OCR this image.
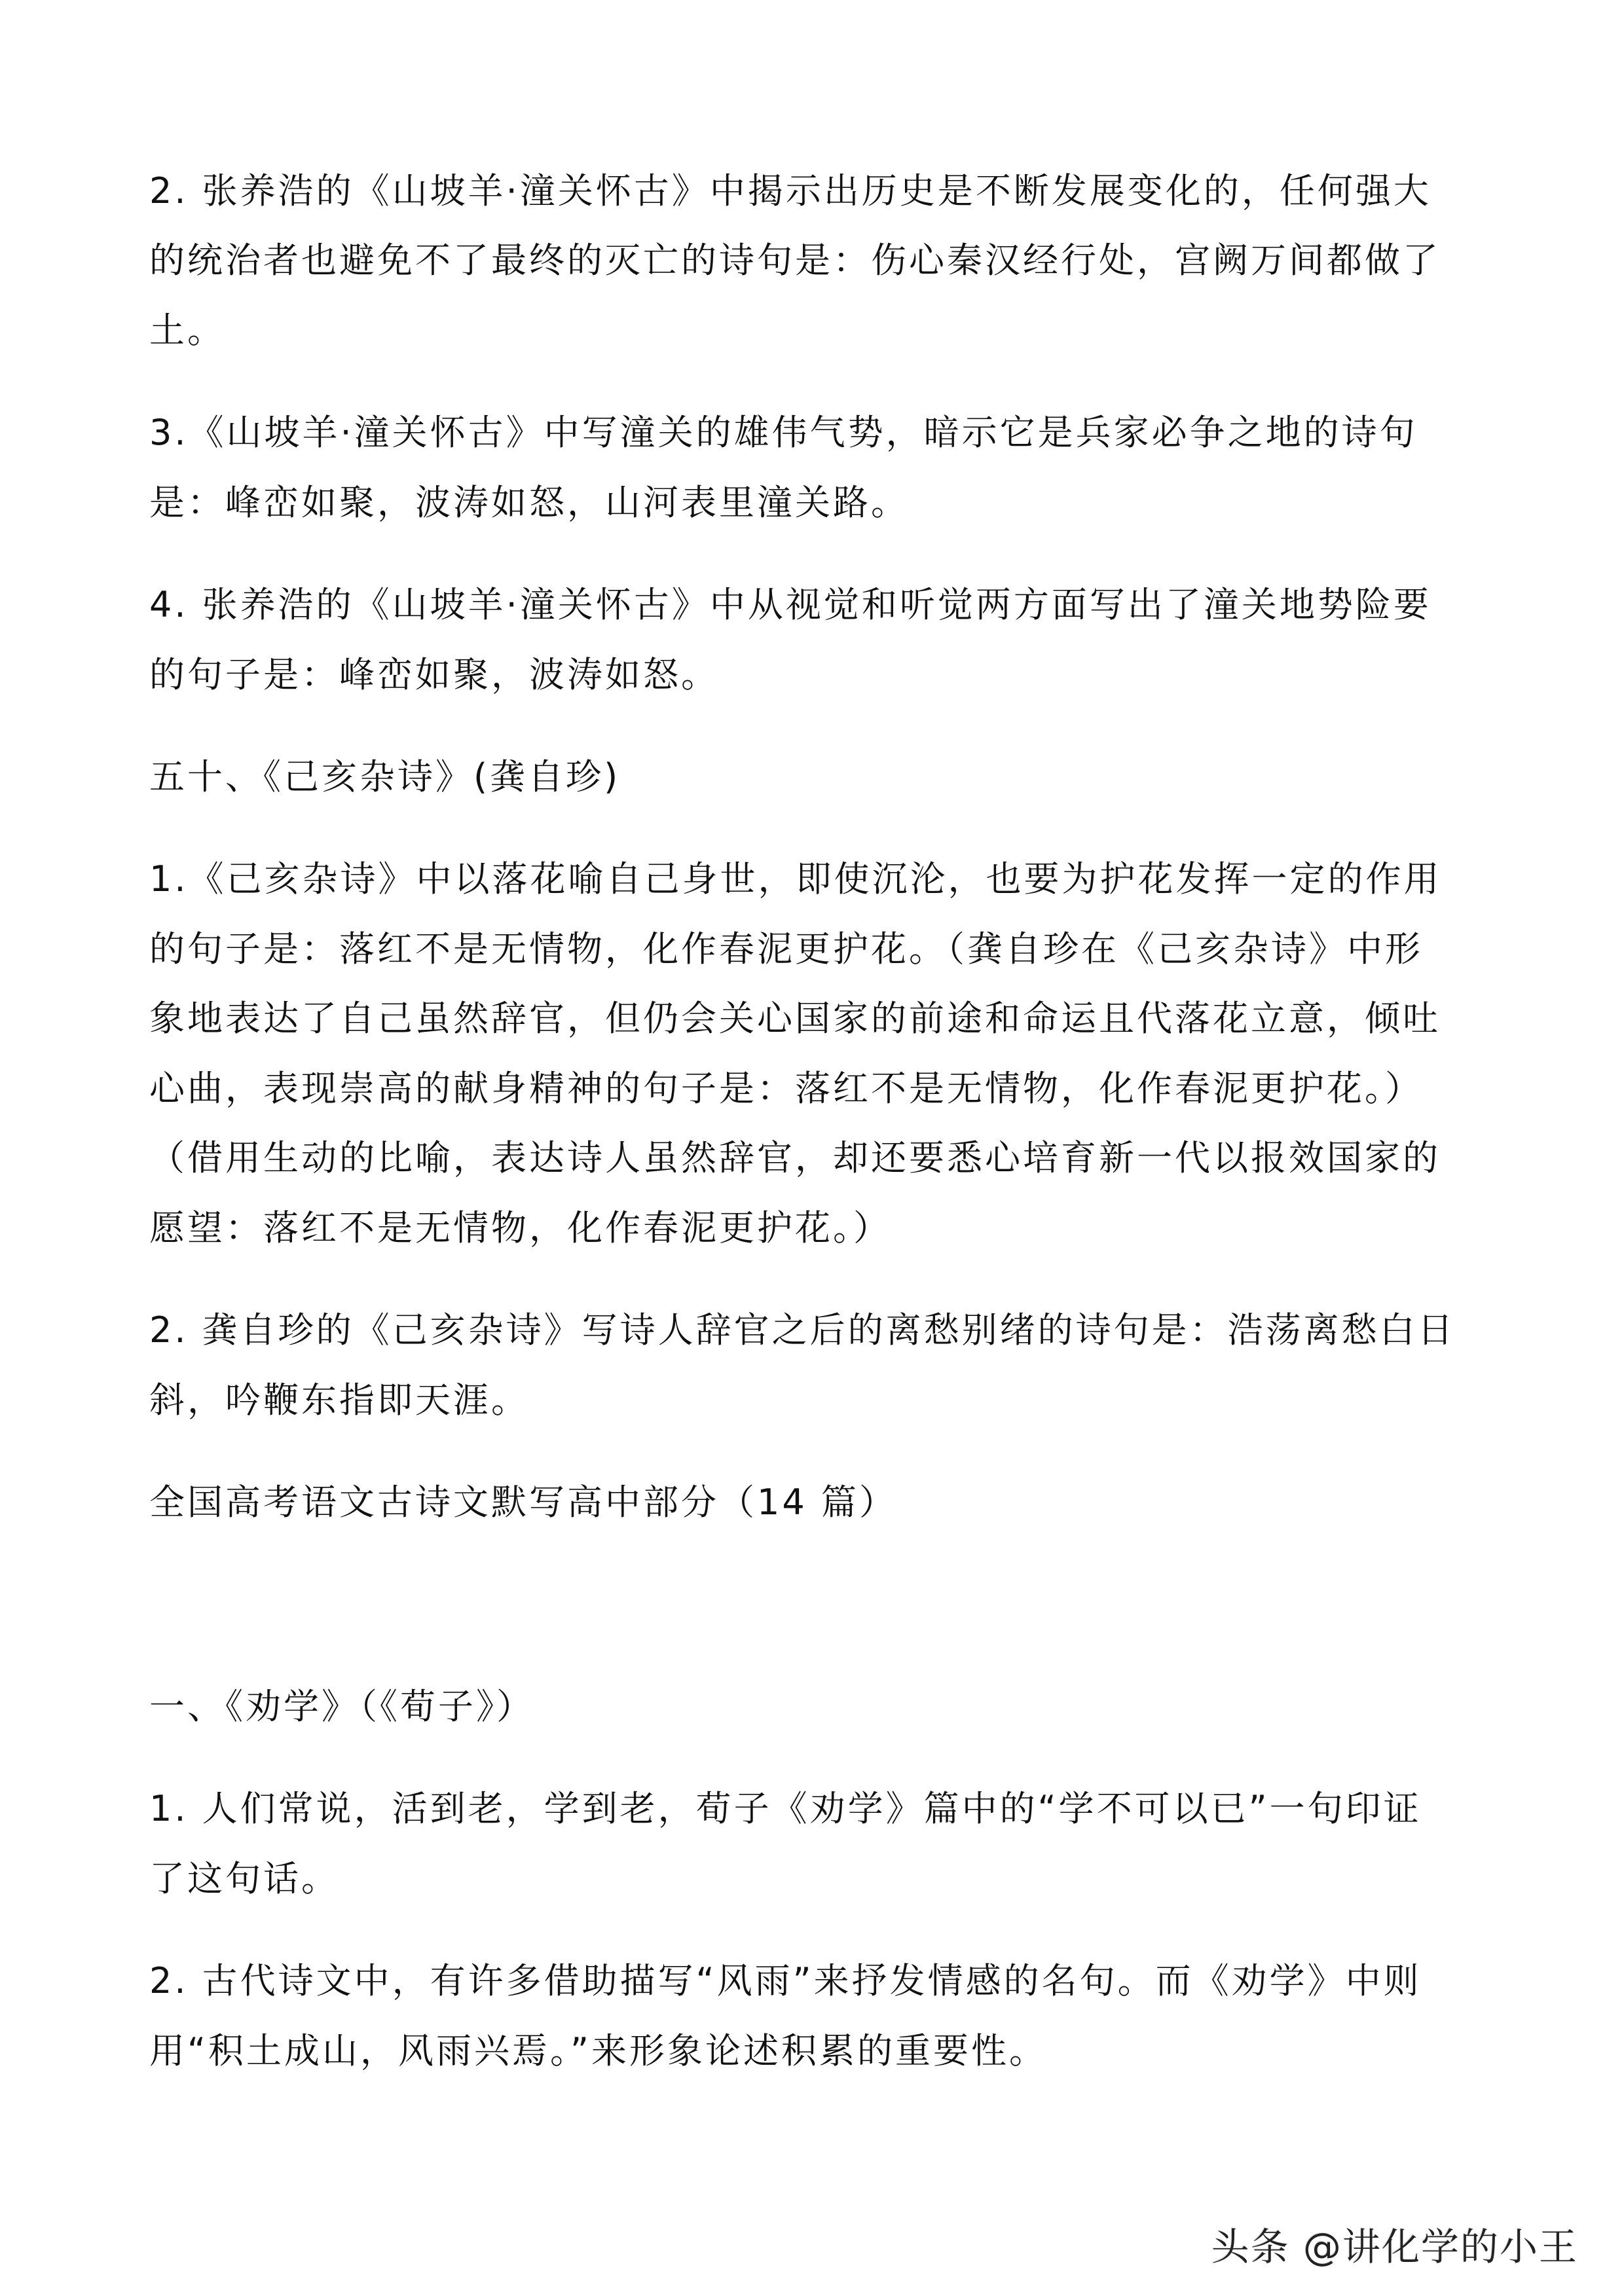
2. 张养浩的《山坡羊·潼关怀古》中揭示出历史是不断发展变化的，任何强大
的统治者也避免不了最终的灭亡的诗句是：伤心秦汉经行处，宫阙万间都做了
土。
3.《山坡羊·潼关怀古》中写潼关的雄伟气势，暗示它是兵家必争之地的诗句
是：峰峦如聚，波涛如怒，山河表里潼关路。
4. 张养浩的《山坡羊·潼关怀古》中从视觉和听觉两方面写出了潼关地势险要
的句子是：峰峦如聚，波涛如怒。
五十、《己亥杂诗》(龚自珍)
1.《己亥杂诗》中以落花喻自己身世，即使沉沦，也要为护花发挥一定的作用
的句子是：落红不是无情物，化作春泥更护花。（龚自珍在《己亥杂诗》中形
象地表达了自己虽然辞官，但仍会关心国家的前途和命运且代落花立意，倾吐
心曲，表现崇高的献身精神的句子是：落红不是无情物，化作春泥更护花。）
（借用生动的比喻，表达诗人虽然辞官，却还要悉心培育新一代以报效国家的
愿望：落红不是无情物，化作春泥更护花。）
2. 龚自珍的《己亥杂诗》写诗人辞官之后的离愁别绪的诗句是：浩荡离愁白日
斜，吟鞭东指即天涯。
全国高考语文古诗文默写高中部分（14 篇）
一、《劝学》（《荀子》）
1. 人们常说，活到老，学到老，荀子《劝学》篇中的“学不可以已”一句印证
了这句话。
2. 古代诗文中，有许多借助描写“风雨”来抒发情感的名句。而《劝学》中则
用“积土成山，风雨兴焉。”来形象论述积累的重要性。
头条 @讲化学的小王
